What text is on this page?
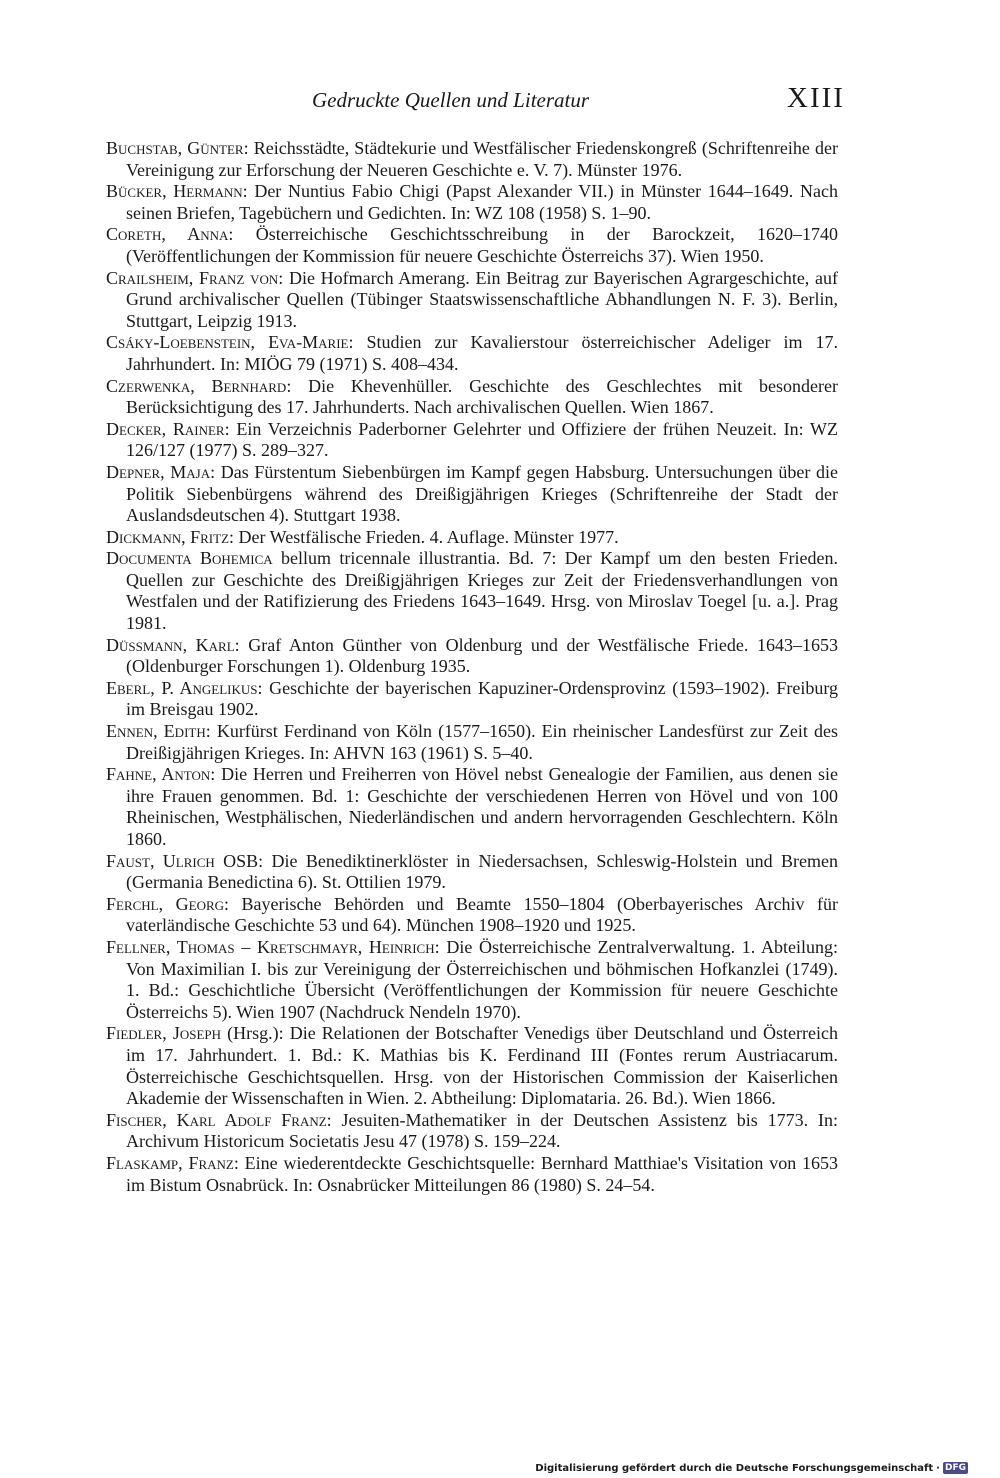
Gedruckte Quellen und Literatur	XIII
Buchstab, Günter: Reichsstädte, Städtekurie und Westfälischer Friedenskongreß (Schriftenreihe der Vereinigung zur Erforschung der Neueren Geschichte e. V. 7). Münster 1976.
Bücker, Hermann: Der Nuntius Fabio Chigi (Papst Alexander VII.) in Münster 1644–1649. Nach seinen Briefen, Tagebüchern und Gedichten. In: WZ 108 (1958) S. 1–90.
Coreth, Anna: Österreichische Geschichtsschreibung in der Barockzeit, 1620–1740 (Veröffentlichungen der Kommission für neuere Geschichte Österreichs 37). Wien 1950.
Crailsheim, Franz von: Die Hofmarch Amerang. Ein Beitrag zur Bayerischen Agrargeschichte, auf Grund archivalischer Quellen (Tübinger Staatswissenschaftliche Abhandlungen N. F. 3). Berlin, Stuttgart, Leipzig 1913.
Csáky-Loebenstein, Eva-Marie: Studien zur Kavalierstour österreichischer Adeliger im 17. Jahrhundert. In: MIÖG 79 (1971) S. 408–434.
Czerwenka, Bernhard: Die Khevenhüller. Geschichte des Geschlechtes mit besonderer Berücksichtigung des 17. Jahrhunderts. Nach archivalischen Quellen. Wien 1867.
Decker, Rainer: Ein Verzeichnis Paderborner Gelehrter und Offiziere der frühen Neuzeit. In: WZ 126/127 (1977) S. 289–327.
Depner, Maja: Das Fürstentum Siebenbürgen im Kampf gegen Habsburg. Untersuchungen über die Politik Siebenbürgens während des Dreißigjährigen Krieges (Schriftenreihe der Stadt der Auslandsdeutschen 4). Stuttgart 1938.
Dickmann, Fritz: Der Westfälische Frieden. 4. Auflage. Münster 1977.
Documenta Bohemica bellum tricennale illustrantia. Bd. 7: Der Kampf um den besten Frieden. Quellen zur Geschichte des Dreißigjährigen Krieges zur Zeit der Friedensverhandlungen von Westfalen und der Ratifizierung des Friedens 1643–1649. Hrsg. von Miroslav Toegel [u. a.]. Prag 1981.
Düssmann, Karl: Graf Anton Günther von Oldenburg und der Westfälische Friede. 1643–1653 (Oldenburger Forschungen 1). Oldenburg 1935.
Eberl, P. Angelikus: Geschichte der bayerischen Kapuziner-Ordensprovinz (1593–1902). Freiburg im Breisgau 1902.
Ennen, Edith: Kurfürst Ferdinand von Köln (1577–1650). Ein rheinischer Landesfürst zur Zeit des Dreißigjährigen Krieges. In: AHVN 163 (1961) S. 5–40.
Fahne, Anton: Die Herren und Freiherren von Hövel nebst Genealogie der Familien, aus denen sie ihre Frauen genommen. Bd. 1: Geschichte der verschiedenen Herren von Hövel und von 100 Rheinischen, Westphälischen, Niederländischen und andern hervorragenden Geschlechtern. Köln 1860.
Faust, Ulrich OSB: Die Benediktinerklöster in Niedersachsen, Schleswig-Holstein und Bremen (Germania Benedictina 6). St. Ottilien 1979.
Ferchl, Georg: Bayerische Behörden und Beamte 1550–1804 (Oberbayerisches Archiv für vaterländische Geschichte 53 und 64). München 1908–1920 und 1925.
Fellner, Thomas – Kretschmayr, Heinrich: Die Österreichische Zentralverwaltung. 1. Abteilung: Von Maximilian I. bis zur Vereinigung der Österreichischen und böhmischen Hofkanzlei (1749). 1. Bd.: Geschichtliche Übersicht (Veröffentlichungen der Kommission für neuere Geschichte Österreichs 5). Wien 1907 (Nachdruck Nendeln 1970).
Fiedler, Joseph (Hrsg.): Die Relationen der Botschafter Venedigs über Deutschland und Österreich im 17. Jahrhundert. 1. Bd.: K. Mathias bis K. Ferdinand III (Fontes rerum Austriacarum. Österreichische Geschichtsquellen. Hrsg. von der Historischen Commission der Kaiserlichen Akademie der Wissenschaften in Wien. 2. Abtheilung: Diplomataria. 26. Bd.). Wien 1866.
Fischer, Karl Adolf Franz: Jesuiten-Mathematiker in der Deutschen Assistenz bis 1773. In: Archivum Historicum Societatis Jesu 47 (1978) S. 159–224.
Flaskamp, Franz: Eine wiederentdeckte Geschichtsquelle: Bernhard Matthiae's Visitation von 1653 im Bistum Osnabrück. In: Osnabrücker Mitteilungen 86 (1980) S. 24–54.
Digitalisierung gefördert durch die Deutsche Forschungsgemeinschaft · DFG
